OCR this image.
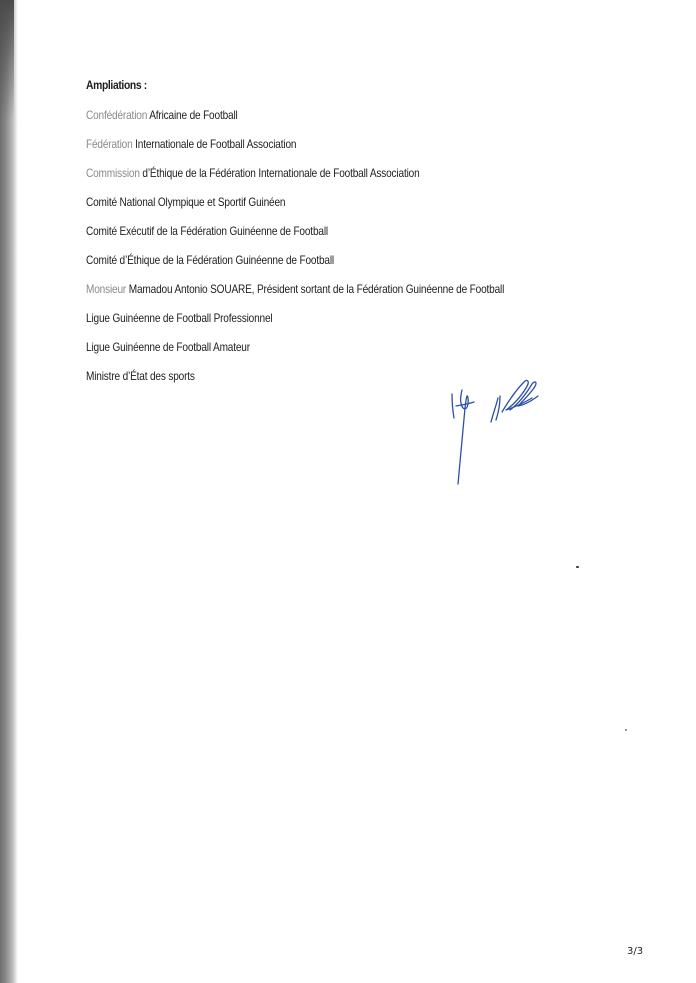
Ampliations :
Confédération Africaine de Football
Fédération Internationale de Football Association
Commission d’Éthique de la Fédération Internationale de Football Association
Comité National Olympique et Sportif Guinéen
Comité Exécutif de la Fédération Guinéenne de Football
Comité d’Éthique de la Fédération Guinéenne de Football
Monsieur Mamadou Antonio SOUARE, Président sortant de la Fédération Guinéenne de Football
Ligue Guinéenne de Football Professionnel
Ligue Guinéenne de Football Amateur
Ministre d’État des sports
3/3
